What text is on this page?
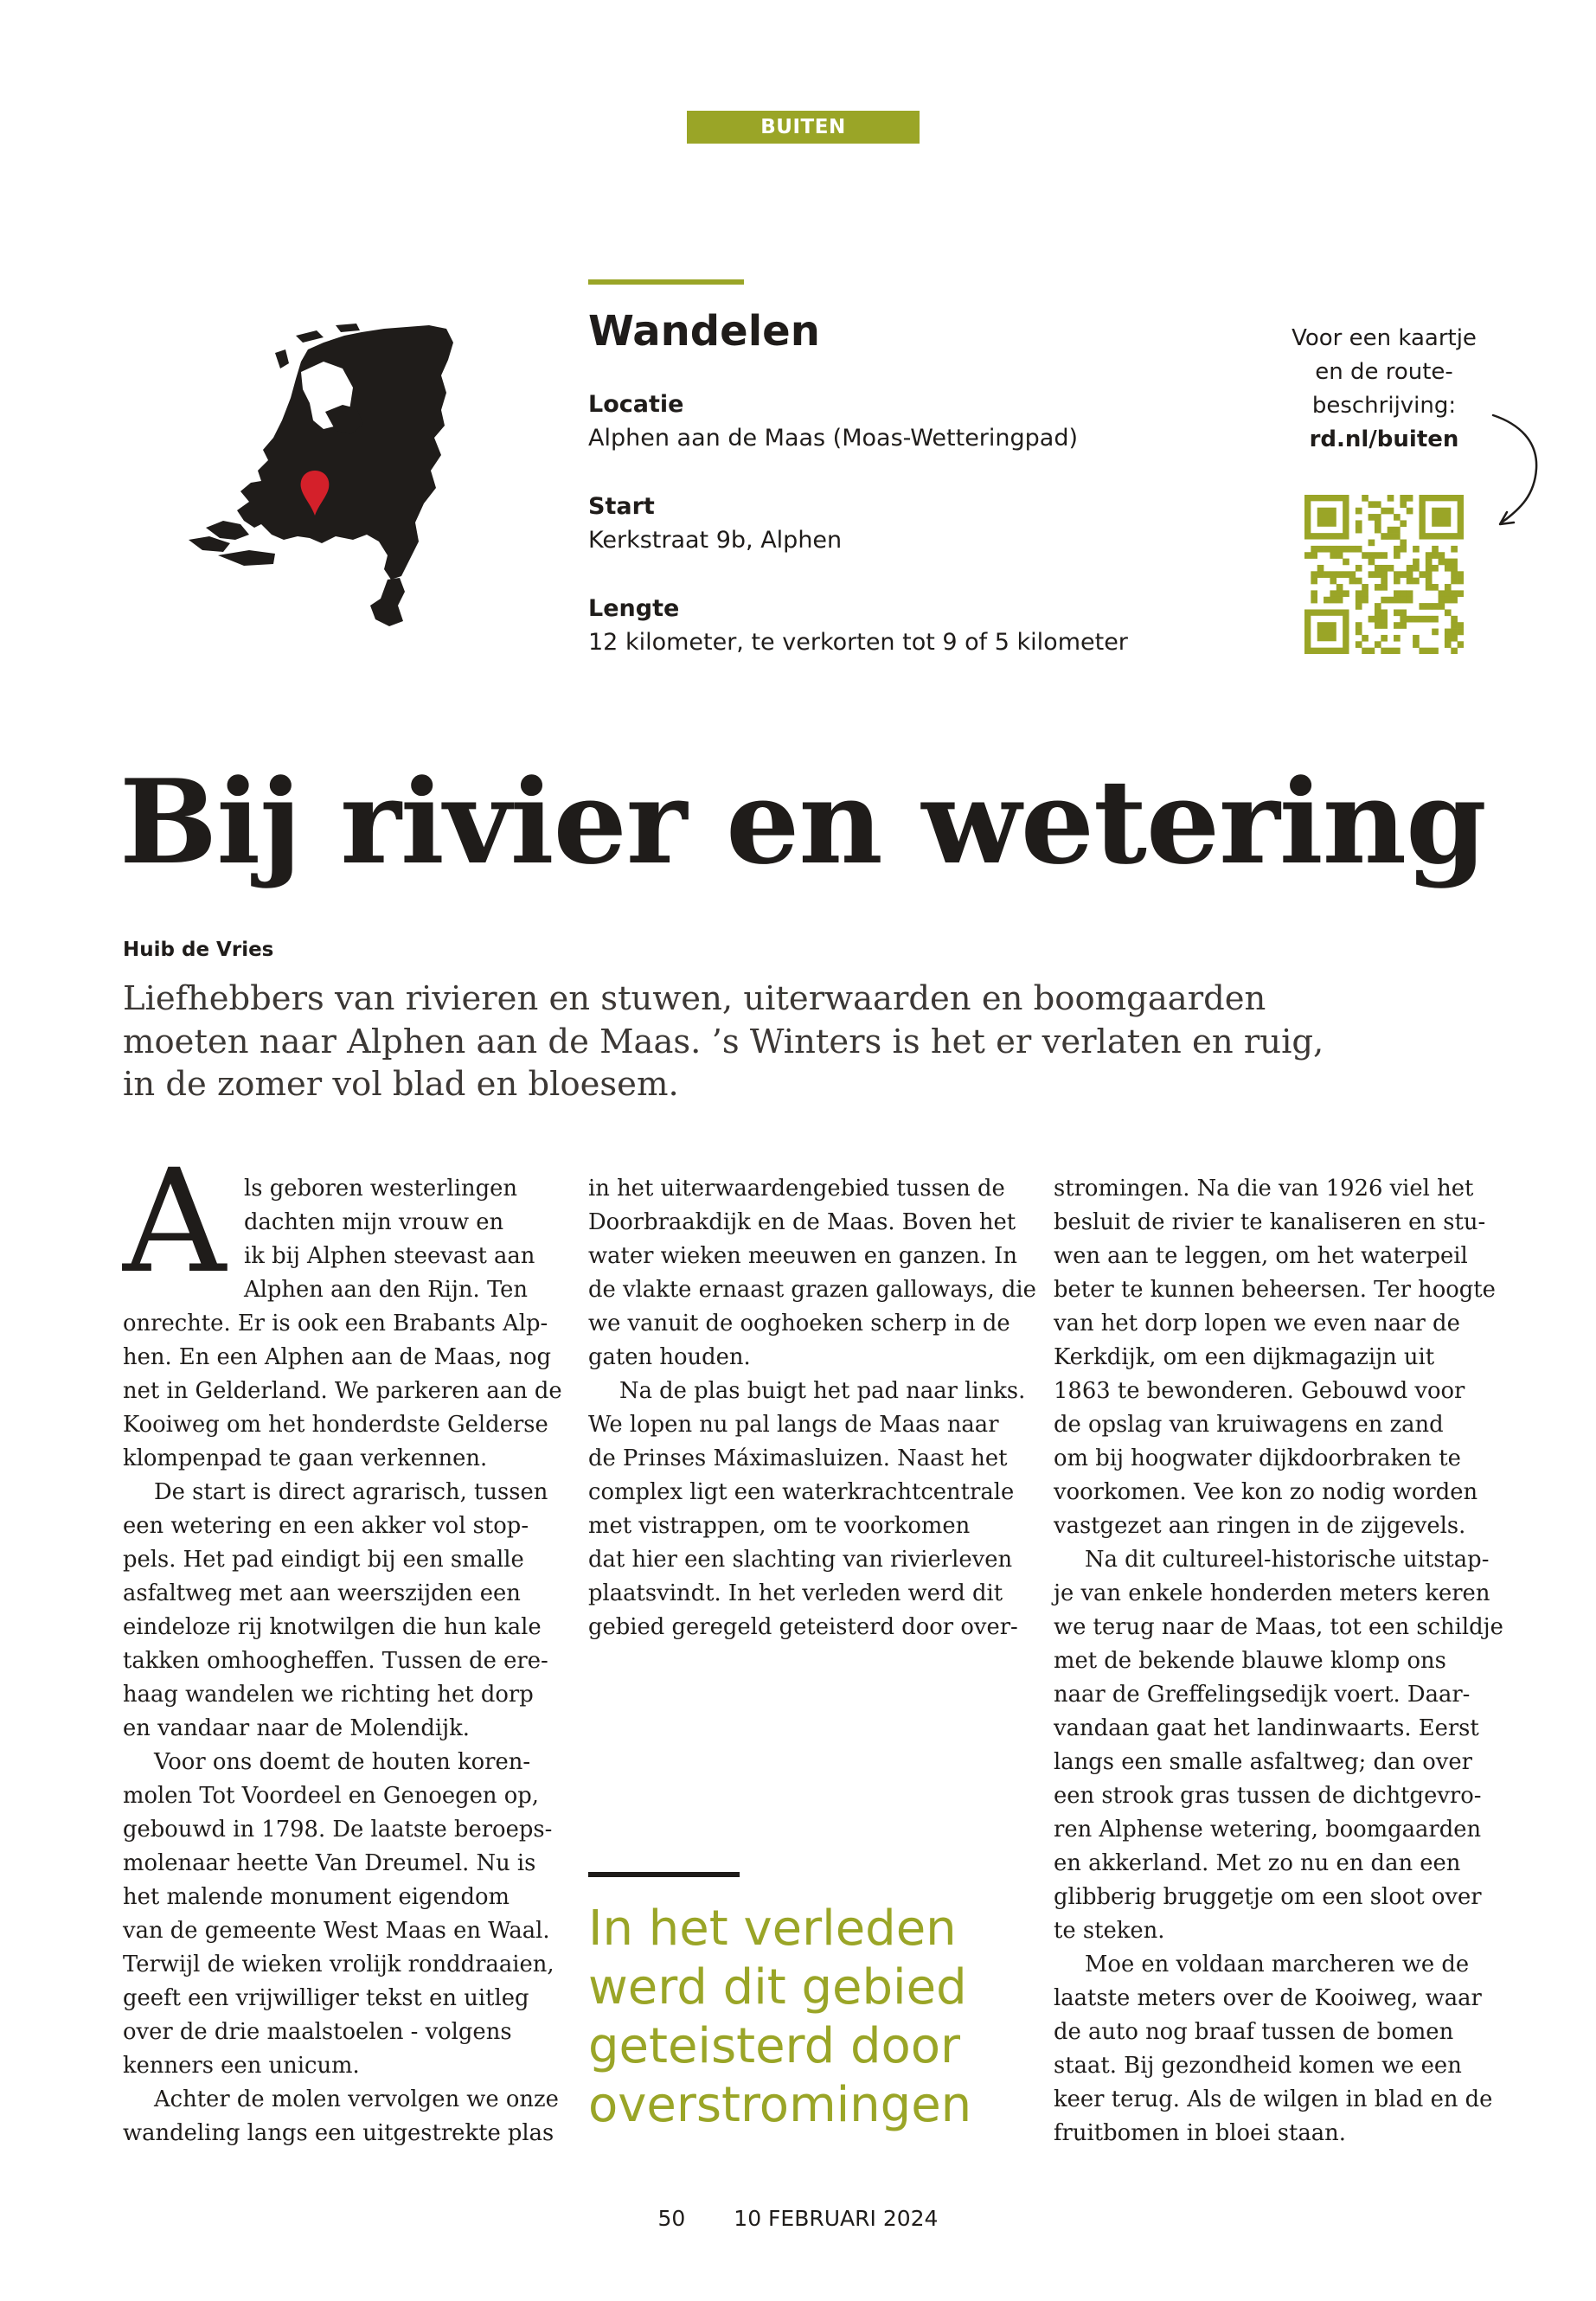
BUITEN
Wandelen
Locatie
Alphen aan de Maas (Moas-Wetteringpad)
Start
Kerkstraat 9b, Alphen
Lengte
12 kilometer, te verkorten tot 9 of 5 kilometer
Voor een kaartje
en de route-
beschrijving:
rd.nl/buiten
Bij rivier en wetering
Huib de Vries
Liefhebbers van rivieren en stuwen, uiterwaarden en boomgaarden
moeten naar Alphen aan de Maas. ’s Winters is het er verlaten en ruig,
in de zomer vol blad en bloesem.
A ls geboren westerlingen
dachten mijn vrouw en
ik bij Alphen steevast aan
Alphen aan den Rijn. Ten
onrechte. Er is ook een Brabants Alp-
hen. En een Alphen aan de Maas, nog
net in Gelderland. We parkeren aan de
Kooiweg om het honderdste Gelderse
klompenpad te gaan verkennen.
De start is direct agrarisch, tussen
een wetering en een akker vol stop-
pels. Het pad eindigt bij een smalle
asfaltweg met aan weerszijden een
eindeloze rij knotwilgen die hun kale
takken omhoogheffen. Tussen de ere-
haag wandelen we richting het dorp
en vandaar naar de Molendijk.
Voor ons doemt de houten koren-
molen Tot Voordeel en Genoegen op,
gebouwd in 1798. De laatste beroeps-
molenaar heette Van Dreumel. Nu is
het malende monument eigendom
van de gemeente West Maas en Waal.
Terwijl de wieken vrolijk ronddraaien,
geeft een vrijwilliger tekst en uitleg
over de drie maalstoelen - volgens
kenners een unicum.
Achter de molen vervolgen we onze
wandeling langs een uitgestrekte plas
in het uiterwaardengebied tussen de
Doorbraakdijk en de Maas. Boven het
water wieken meeuwen en ganzen. In
de vlakte ernaast grazen galloways, die
we vanuit de ooghoeken scherp in de
gaten houden.
Na de plas buigt het pad naar links.
We lopen nu pal langs de Maas naar
de Prinses Máximasluizen. Naast het
complex ligt een waterkrachtcentrale
met vistrappen, om te voorkomen
dat hier een slachting van rivierleven
plaatsvindt. In het verleden werd dit
gebied geregeld geteisterd door over-
stromingen. Na die van 1926 viel het
besluit de rivier te kanaliseren en stu-
wen aan te leggen, om het waterpeil
beter te kunnen beheersen. Ter hoogte
van het dorp lopen we even naar de
Kerkdijk, om een dijkmagazijn uit
1863 te bewonderen. Gebouwd voor
de opslag van kruiwagens en zand
om bij hoogwater dijkdoorbraken te
voorkomen. Vee kon zo nodig worden
vastgezet aan ringen in de zijgevels.
Na dit cultureel-historische uitstap-
je van enkele honderden meters keren
we terug naar de Maas, tot een schildje
met de bekende blauwe klomp ons
naar de Greffelingsedijk voert. Daar-
vandaan gaat het landinwaarts. Eerst
langs een smalle asfaltweg; dan over
een strook gras tussen de dichtgevro-
ren Alphense wetering, boomgaarden
en akkerland. Met zo nu en dan een
glibberig bruggetje om een sloot over
te steken.
Moe en voldaan marcheren we de
laatste meters over de Kooiweg, waar
de auto nog braaf tussen de bomen
staat. Bij gezondheid komen we een
keer terug. Als de wilgen in blad en de
fruitbomen in bloei staan.
In het verleden
werd dit gebied
geteisterd door
overstromingen
50 10 FEBRUARI 2024
